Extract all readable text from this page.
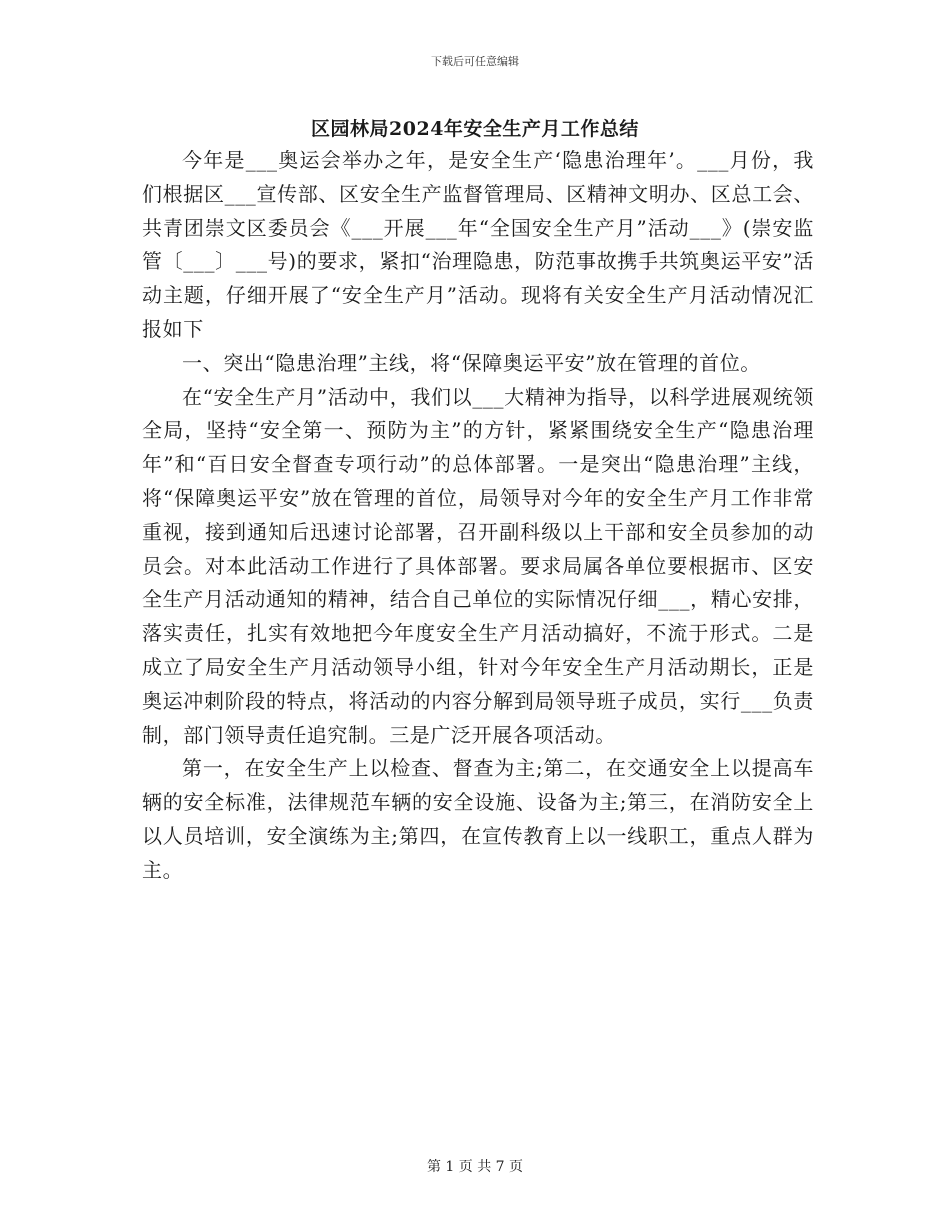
下载后可任意编辑
区园林局2024年安全生产月工作总结

今年是___奥运会举办之年，是安全生产‘隐患治理年’。___月份，我们根据区___宣传部、区安全生产监督管理局、区精神文明办、区总工会、共青团崇文区委员会《___开展___年“全国安全生产月”活动___》(崇安监管〔___〕___号)的要求，紧扣“治理隐患，防范事故携手共筑奥运平安”活动主题，仔细开展了“安全生产月”活动。现将有关安全生产月活动情况汇报如下

一、突出“隐患治理”主线，将“保障奥运平安”放在管理的首位。

在“安全生产月”活动中，我们以___大精神为指导，以科学进展观统领全局，坚持“安全第一、预防为主”的方针，紧紧围绕安全生产“隐患治理年”和“百日安全督查专项行动”的总体部署。一是突出“隐患治理”主线，将“保障奥运平安”放在管理的首位，局领导对今年的安全生产月工作非常重视，接到通知后迅速讨论部署，召开副科级以上干部和安全员参加的动员会。对本此活动工作进行了具体部署。要求局属各单位要根据市、区安全生产月活动通知的精神，结合自己单位的实际情况仔细___，精心安排，落实责任，扎实有效地把今年度安全生产月活动搞好，不流于形式。二是成立了局安全生产月活动领导小组，针对今年安全生产月活动期长，正是奥运冲刺阶段的特点，将活动的内容分解到局领导班子成员，实行___负责制，部门领导责任追究制。三是广泛开展各项活动。

第一，在安全生产上以检查、督查为主;第二，在交通安全上以提高车辆的安全标准，法律规范车辆的安全设施、设备为主;第三，在消防安全上以人员培训，安全演练为主;第四，在宣传教育上以一线职工，重点人群为主。

第 1 页 共 7 页
